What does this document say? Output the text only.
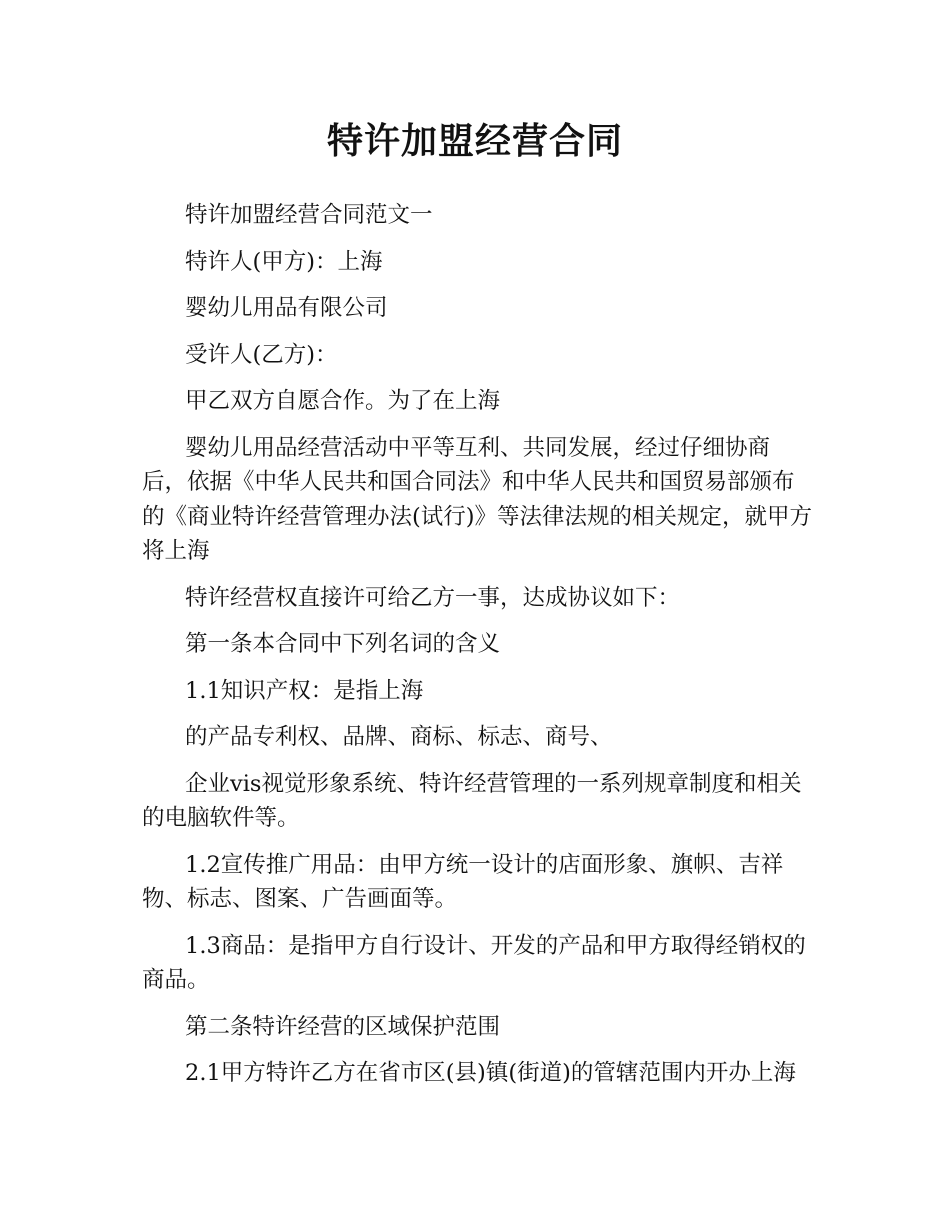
特许加盟经营合同

特许加盟经营合同范文一

特许人(甲方)：上海

婴幼儿用品有限公司

受许人(乙方)：

甲乙双方自愿合作。为了在上海

婴幼儿用品经营活动中平等互利、共同发展，经过仔细协商后，依据《中华人民共和国合同法》和中华人民共和国贸易部颁布的《商业特许经营管理办法(试行)》等法律法规的相关规定，就甲方将上海

特许经营权直接许可给乙方一事，达成协议如下：

第一条本合同中下列名词的含义

1.1知识产权：是指上海

的产品专利权、品牌、商标、标志、商号、

企业vis视觉形象系统、特许经营管理的一系列规章制度和相关的电脑软件等。

1.2宣传推广用品：由甲方统一设计的店面形象、旗帜、吉祥物、标志、图案、广告画面等。

1.3商品：是指甲方自行设计、开发的产品和甲方取得经销权的商品。

第二条特许经营的区域保护范围

2.1甲方特许乙方在省市区(县)镇(街道)的管辖范围内开办上海
